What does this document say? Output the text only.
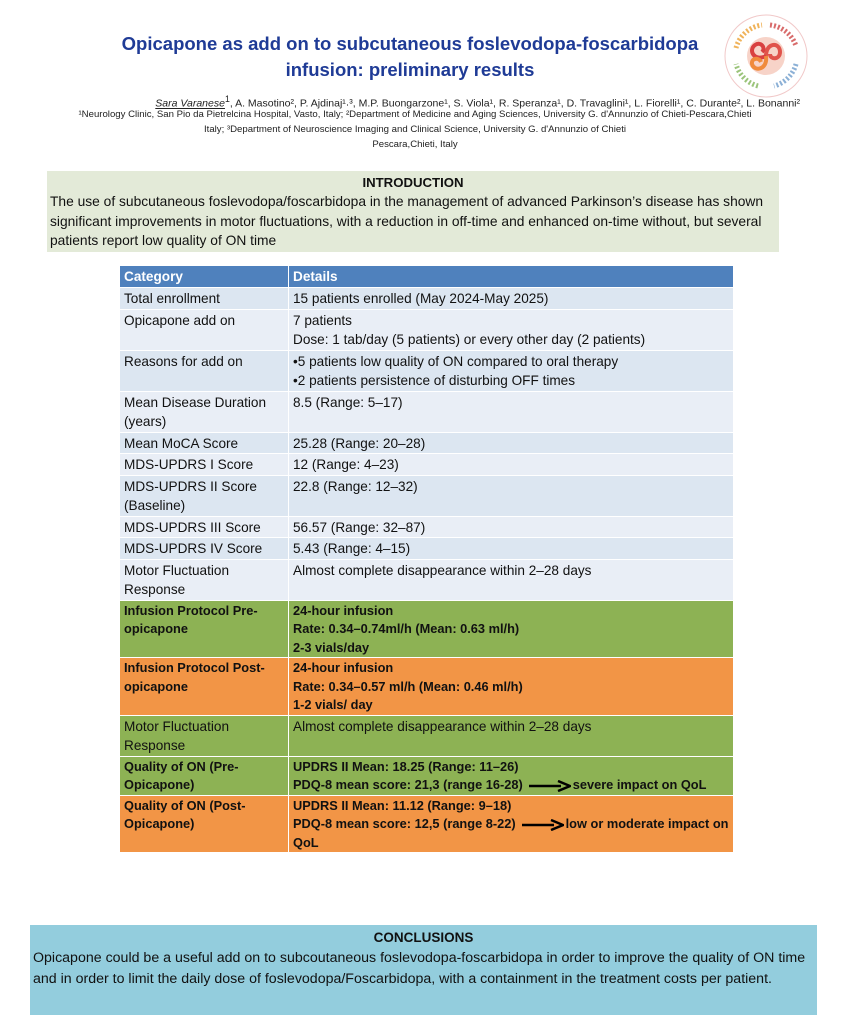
Opicapone as add on to subcutaneous foslevodopa-foscarbidopa
infusion: preliminary results
Sara Varanese$^1$, A. Masotino², P. Ajdinaj¹˒³, M.P. Buongarzone¹, S. Viola¹, R. Speranza¹, D. Travaglini¹, L. Fiorelli¹, C. Durante², L. Bonanni²
¹Neurology Clinic, San Pio da Pietrelcina Hospital, Vasto, Italy; ²Department of Medicine and Aging Sciences, University G. d'Annunzio of Chieti-Pescara,Chieti
Italy; ³Department of Neuroscience Imaging and Clinical Science, University G. d'Annunzio of Chieti
Pescara,Chieti, Italy
INTRODUCTION

The use of subcutaneous foslevodopa/foscarbidopa in the management of advanced Parkinson’s disease has shown significant improvements in motor fluctuations, with a reduction in off-time and enhanced on-time without, but several patients report low quality of ON time

Category	Details
Total enrollment	15 patients enrolled (May 2024-May 2025)

Opicapone add on	7 patients
Dose: 1 tab/day (5 patients) or every other day (2 patients)

Reasons for add on	•5 patients low quality of ON compared to oral therapy
•2 patients persistence of disturbing OFF times

Mean Disease Duration (years)	8.5 (Range: 5–17)

Mean MoCA Score	25.28 (Range: 20–28)

MDS-UPDRS I Score	12 (Range: 4–23)

MDS-UPDRS II Score (Baseline)	22.8 (Range: 12–32)

MDS-UPDRS III Score	56.57 (Range: 32–87)

MDS-UPDRS IV Score	5.43 (Range: 4–15)

Motor Fluctuation Response	Almost complete disappearance within 2–28 days

Infusion Protocol Pre-opicapone	24-hour infusion
Rate: 0.34–0.74ml/h (Mean: 0.63 ml/h)
2-3 vials/day

Infusion Protocol Post-opicapone	24-hour infusion
Rate: 0.34–0.57 ml/h (Mean: 0.46 ml/h)
1-2 vials/ day

Motor Fluctuation Response	Almost complete disappearance within 2–28 days

Quality of ON (Pre-Opicapone)	UPDRS II Mean: 18.25 (Range: 11–26)
PDQ-8 mean score: 21,3 (range 16-28) severe impact on QoL
Quality of ON (Post-Opicapone)	UPDRS II Mean: 11.12 (Range: 9–18)
PDQ-8 mean score: 12,5 (range 8-22) low or moderate impact on QoL
CONCLUSIONS

Opicapone could be a useful add on to subcoutaneous foslevodopa-foscarbidopa in order to improve the quality of ON time and in order to limit the daily dose of foslevodopa/Foscarbidopa, with a containment in the treatment costs per patient.
